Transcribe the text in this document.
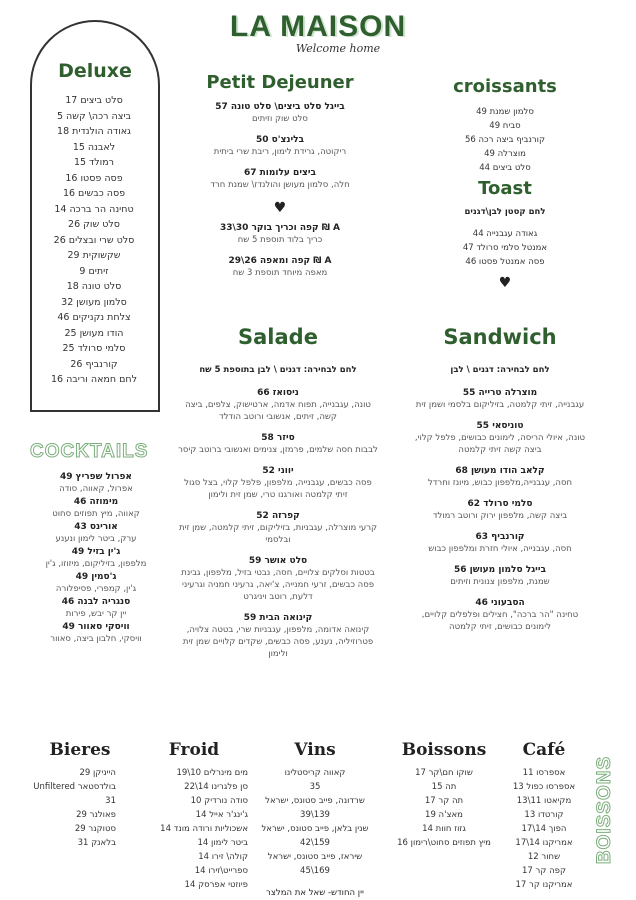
LA MAISON
Welcome home
Deluxe
סלט ביצים 17
ביצה רכה\ קשה 5
גאודה הולנדית 18
לאבנה 15
רמולד 15
פסה פסטו 16
פסה כבשים 16
טחינה הר ברכה 14
סלט שוק 26
סלט שרי ובצלים 26
שקשוקית 29
זיתים 9
סלט טונה 18
סלמון מעושן 32
צלחת נקניקים 46
הודו מעושן 25
סלמי סרולד 25
קורנביף 26
לחם חמאה וריבה 16
COCKTAILS
אפרול שפריץ 49
אפרול, קאווה, סודה
מימוזה 46
קאווה, מיץ תפוזים סחוט
אורינס 43
ערק, ביטר לימון ונענע
ג'ין בזיל 49
מלפפון, בזיליקום, מיזוזו, ג'ין
ג'סמין 49
ג'ין, קמפרי, פסיפלורה
סנגריה לבנה 46
יין קר יבש, פירות
וויסקי סאוור 49
וויסקי, חלבון ביצה, סאוור
Petit Dejeuner
בייגל סלט ביצים\ סלט טונה 57
סלט שוק וזיתים
בלינצ'ס 50
ריקוטה, גרידת לימון, ריבת שרי ביתית
ביצים עלומות 67
חלה, סלמון מעושן והולנדז\ שמנת חרד
♥
A ₪ קפה וכריך בוקר 30\33
כריך בלוד תוספת 5 שח
A ₪ קפה ומאפה 26\29
מאפה מיוחד תוספת 3 שח
croissants
סלמון שמנת 49
סביח 49
קורנביף ביצה רכה 56
מוצרלה 49
סלט ביצים 44
Toast
לחם קסטן לבן\דגנים
גאודה עגבנייה 44
אמנטל סלמי סרולד 47
פסה אמנטל פסטו 46
♥
Salade
לחם לבחירה: דגנים \ לבן בתוספת 5 שח
ניסואז 66
טונה, עגבנייה, תפוח אדמה, ארטישוק, צלפים, ביצה קשה, זיתים, אנשובי ורוטב הודלד
סיזר 58
לבבות חסה שלמים, פרמזן, צנימים ואנשובי ברוטב קיסר
יווני 52
פסה כבשים, עגבנייה, מלפפון, פלפל קלוי, בצל סגול זיתי קלמטה ואורגנו טרי, שמן זית ולימון
קפרזה 52
קרעי מוצרלה, עגבניות, בזיליקום, זיתי קלמטה, שמן זית ובלסמי
סלט אושר 59
בטטות וסלקים צלויים, חסה, נבטי בזיל, מלפפון, גבינת פסה כבשים, זרעי חמנייה, צ'יאה, גרעיני חמניה וגרעיני דלעת, רוטב ויניגרט
קינואה הבית 59
קינואה אדומה, מלפפון, עגבניות שרי, בטטה צלויה, פטרוזיליה, נענע, פסה כבשים, שקדים קלויים שמן זית ולימון
Sandwich
לחם לבחירה: דגנים \ לבן
מוצרלה טרייה 55
עגבנייה, זיתי קלמטה, בזיליקום בלסמי ושמן זית
טוניסאי 55
טונה, איולי הריסה, לימונים כבושים, פלפל קלוי, ביצה קשה זיתי קלמטה
קלאב הודו מעושן 68
חסה, עגבנייה,מלפפון כבוש, מיונז וחרדל
סלמי סרולד 62
ביצה קשה, מלפפון ירוק ורוטב רמולד
קורנביף 63
חסה, עגבנייה, איולי חזרת ומלפפון כבוש
בייגל סלמון מעושן 56
שמנת, מלפפון צנונית וזיתים
הסבעוני 46
טחינה "הר ברכה", חצילים ופלפלים קלויים, לימונים כבושים, זיתי קלמטה
Bieres
הייניקן 29
בולדסטאר Unfiltered 31
פאולנר 29
סטוקנר 29
בלאנק 31
Froid
מים מינרלים 10\19
סן פלגרינו 14\22
סודה נורדיק 10
ג'ינג'ר אייל 14
אשכוליות ורודה מונד 14
ביטר לימון 14
קולה\ זירו 14
ספרייט\זירו 14
פיוזטי אפרסק 14
Vins
קאווה קריסטלינו
35
שרדונה, פייב סטונס, ישראל
139\39
שנין בלאן, פייב סטונס, ישראל
159\42
שיראז, פייב סטונס, ישראל
169\45
יין החודש- שאל את המלצר
Boissons
שוקו חם\קר 17
תה 15
תה קר 17
מאצ'ה 19
גזוז חוות 14
מיץ תפוזים סחוט\רימון 16
Café
אספרסו 11
אספרסו כפול 13
מקיאטו 11\13
קורטדו 13
הפוך 14\17
אמריקנו 14\17
שחור 12
קפה קר 17
אמריקנו קר 17
BOISSONS
